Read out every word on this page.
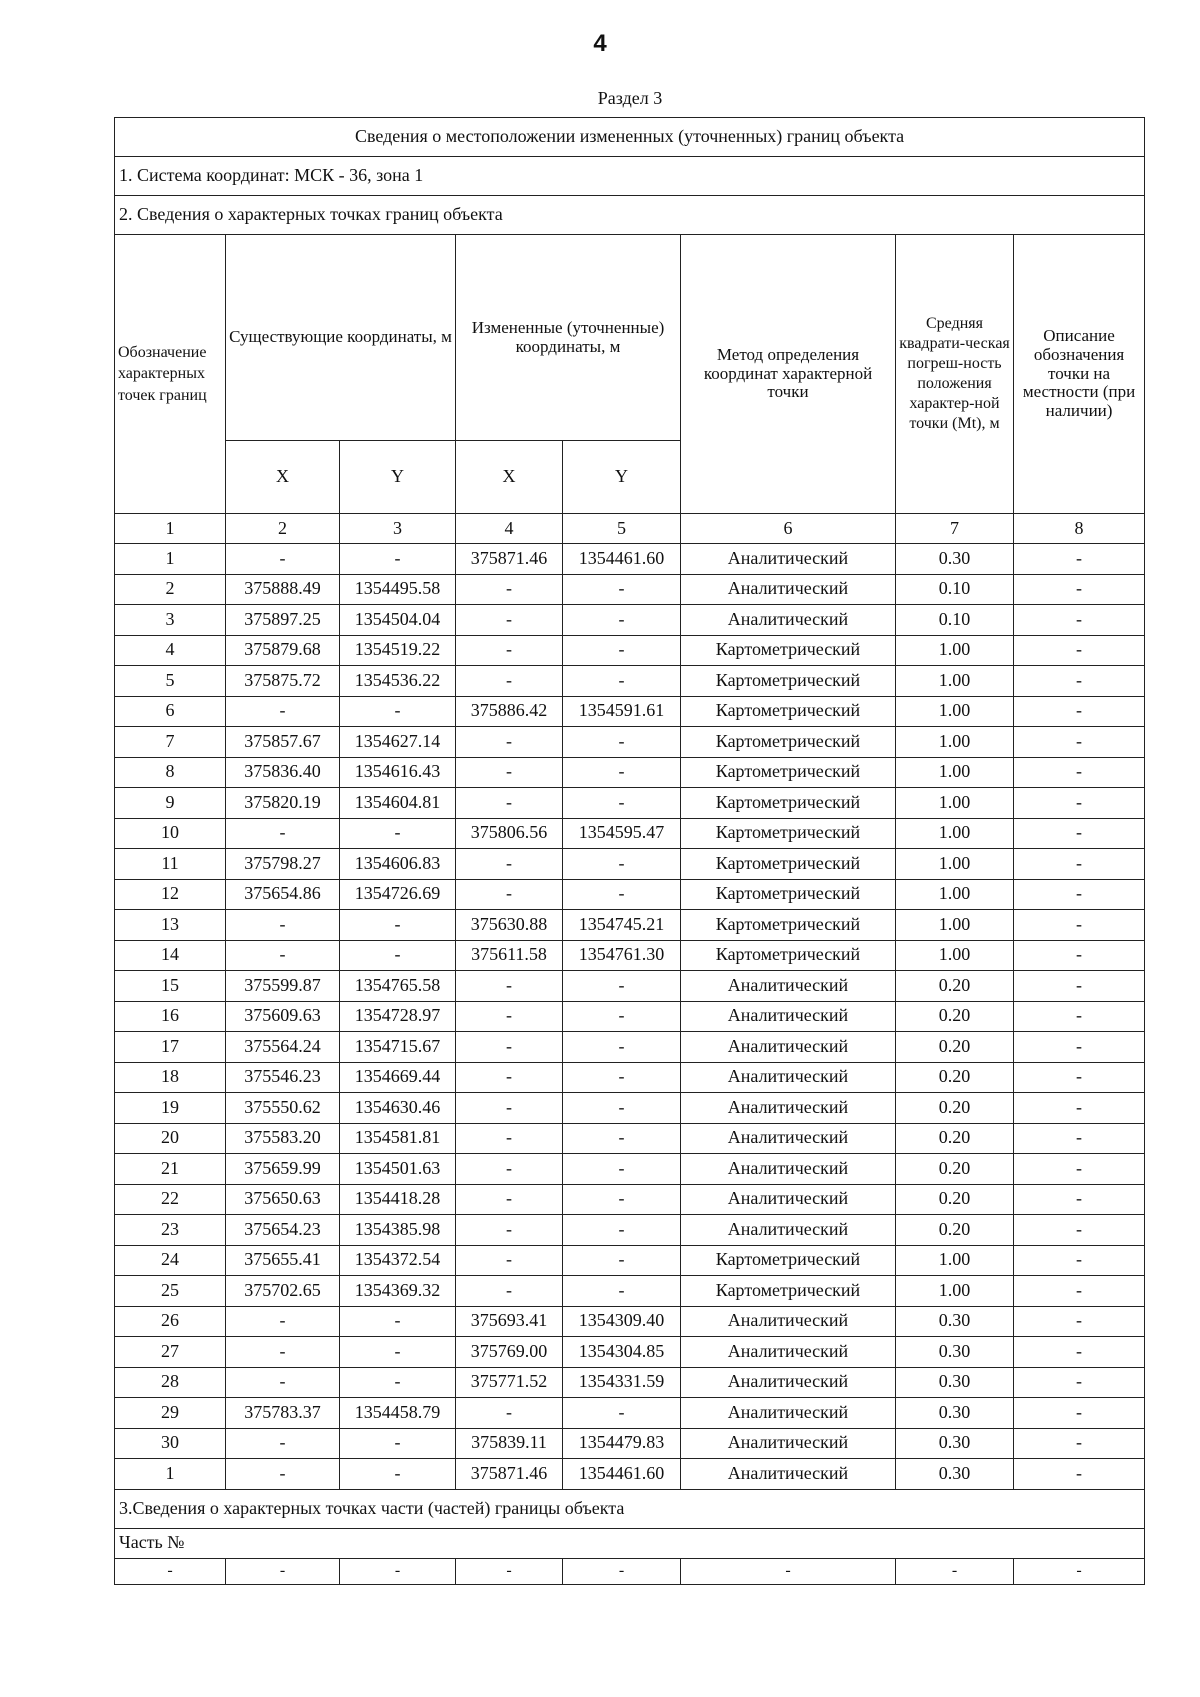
4
Раздел 3
Сведения о местоположении измененных (уточненных) границ объекта							
1. Система координат: МСК - 36, зона 1							
2. Сведения о характерных точках границ объекта							
Обозначение характерных точек границ	Существующие координаты, м		Измененные (уточненные) координаты, м		Метод определения координат характерной точки	Средняя квадрати-ческая погреш-ность положения характер-ной точки (Mt), м	Описание обозначения точки на местности (при наличии)
	X	Y	X	Y			
1	2	3	4	5	6	7	8
1	-	-	375871.46	1354461.60	Аналитический	0.30	-
2	375888.49	1354495.58	-	-	Аналитический	0.10	-
3	375897.25	1354504.04	-	-	Аналитический	0.10	-
4	375879.68	1354519.22	-	-	Картометрический	1.00	-
5	375875.72	1354536.22	-	-	Картометрический	1.00	-
6	-	-	375886.42	1354591.61	Картометрический	1.00	-
7	375857.67	1354627.14	-	-	Картометрический	1.00	-
8	375836.40	1354616.43	-	-	Картометрический	1.00	-
9	375820.19	1354604.81	-	-	Картометрический	1.00	-
10	-	-	375806.56	1354595.47	Картометрический	1.00	-
11	375798.27	1354606.83	-	-	Картометрический	1.00	-
12	375654.86	1354726.69	-	-	Картометрический	1.00	-
13	-	-	375630.88	1354745.21	Картометрический	1.00	-
14	-	-	375611.58	1354761.30	Картометрический	1.00	-
15	375599.87	1354765.58	-	-	Аналитический	0.20	-
16	375609.63	1354728.97	-	-	Аналитический	0.20	-
17	375564.24	1354715.67	-	-	Аналитический	0.20	-
18	375546.23	1354669.44	-	-	Аналитический	0.20	-
19	375550.62	1354630.46	-	-	Аналитический	0.20	-
20	375583.20	1354581.81	-	-	Аналитический	0.20	-
21	375659.99	1354501.63	-	-	Аналитический	0.20	-
22	375650.63	1354418.28	-	-	Аналитический	0.20	-
23	375654.23	1354385.98	-	-	Аналитический	0.20	-
24	375655.41	1354372.54	-	-	Картометрический	1.00	-
25	375702.65	1354369.32	-	-	Картометрический	1.00	-
26	-	-	375693.41	1354309.40	Аналитический	0.30	-
27	-	-	375769.00	1354304.85	Аналитический	0.30	-
28	-	-	375771.52	1354331.59	Аналитический	0.30	-
29	375783.37	1354458.79	-	-	Аналитический	0.30	-
30	-	-	375839.11	1354479.83	Аналитический	0.30	-
1	-	-	375871.46	1354461.60	Аналитический	0.30	-
3.Сведения о характерных точках части (частей) границы объекта							
Часть №							
-	-	-	-	-	-	-	-
